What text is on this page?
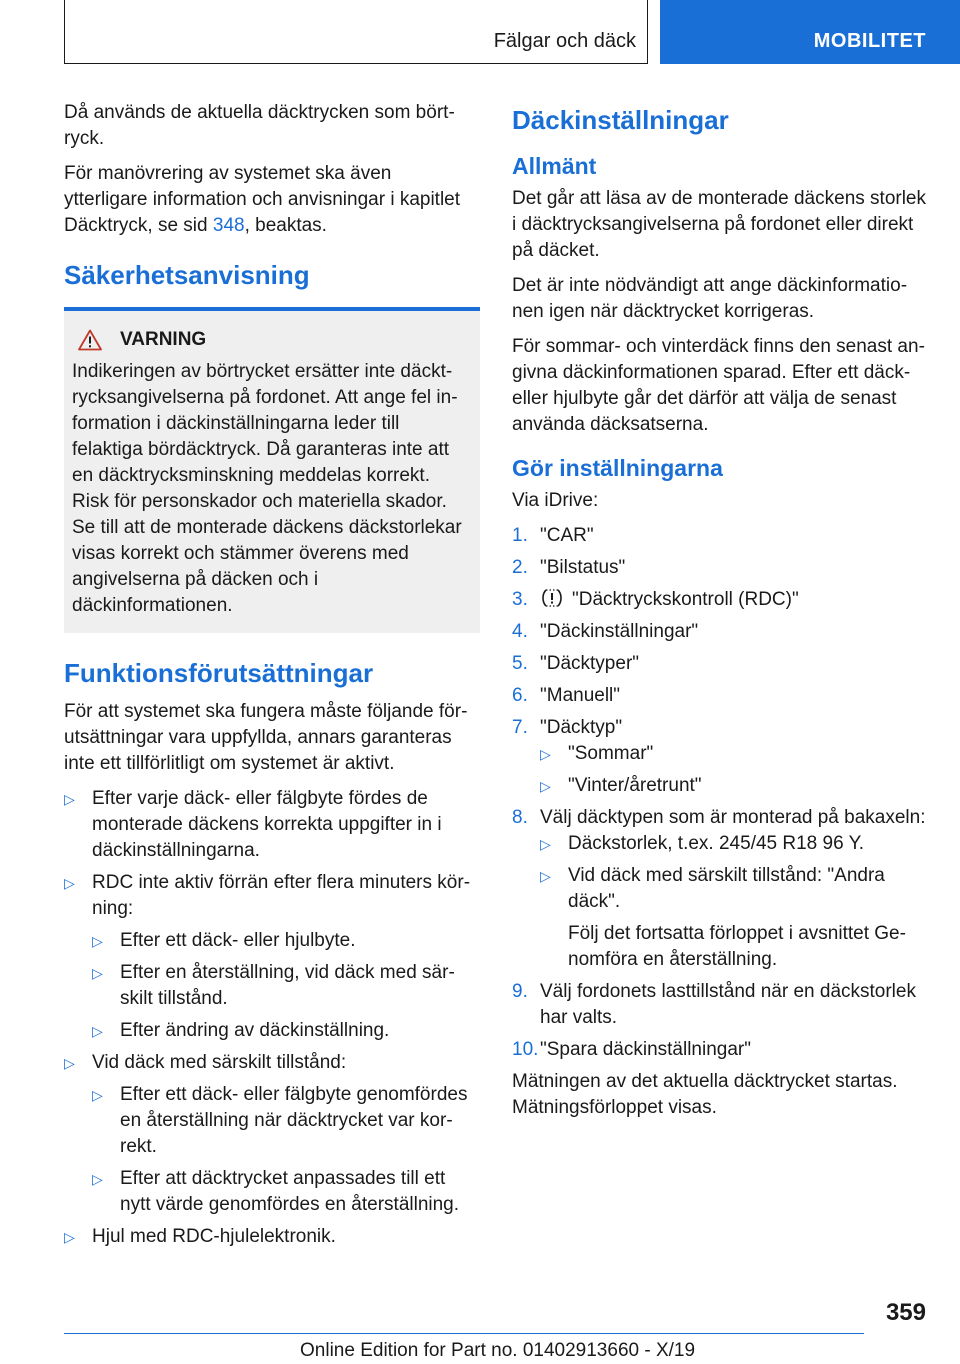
Fälgar och däck	MOBILITET

Då används de aktuella däcktrycken som börtryck.

För manövrering av systemet ska även ytterligare information och anvisningar i kapitlet Däcktryck, se sid 348, beaktas.

Säkerhetsanvisning
VARNING
Indikeringen av börtrycket ersätter inte däcktrycksangivelserna på fordonet. Att ange fel information i däckinställningarna leder till felaktiga bördäcktryck. Då garanteras inte att en däcktrycksminskning meddelas korrekt. Risk för personskador och materiella skador. Se till att de monterade däckens däckstorlekar visas korrekt och stämmer överens med angivelserna på däcken och i däckinformationen.
Funktionsförutsättningar

För att systemet ska fungera måste följande förutsättningar vara uppfyllda, annars garanteras inte ett tillförlitligt om systemet är aktivt.

▷ Efter varje däck- eller fälgbyte fördes de monterade däckens korrekta uppgifter in i däckinställningarna.
▷ RDC inte aktiv förrän efter flera minuters körning:
▷ Efter ett däck- eller hjulbyte.
▷ Efter en återställning, vid däck med särskilt tillstånd.
▷ Efter ändring av däckinställning.
▷ Vid däck med särskilt tillstånd:
▷ Efter ett däck- eller fälgbyte genomfördes en återställning när däcktrycket var korrekt.
▷ Efter att däcktrycket anpassades till ett nytt värde genomfördes en återställning.
▷ Hjul med RDC-hjulelektronik.
Däckinställningar
Allmänt

Det går att läsa av de monterade däckens storlek i däcktrycksangivelserna på fordonet eller direkt på däcket.

Det är inte nödvändigt att ange däckinformationen igen när däcktrycket korrigeras.

För sommar- och vinterdäck finns den senast angivna däckinformationen sparad. Efter ett däck- eller hjulbyte går det därför att välja de senast använda däcksatserna.

Gör inställningarna

Via iDrive:

1. "CAR"
2. "Bilstatus"
3. "Däcktryckskontroll (RDC)"
4. "Däckinställningar"
5. "Däcktyper"
6. "Manuell"
7. "Däcktyp"
▷ "Sommar"
▷ "Vinter/åretrunt"
8. Välj däcktypen som är monterad på bakaxeln:
▷ Däckstorlek, t.ex. 245/45 R18 96 Y.
▷ Vid däck med särskilt tillstånd: "Andra däck".
Följ det fortsatta förloppet i avsnittet Genomföra en återställning.
9. Välj fordonets lasttillstånd när en däckstorlek har valts.
10. "Spara däckinställningar"

Mätningen av det aktuella däcktrycket startas. Mätningsförloppet visas.

359
Online Edition for Part no. 01402913660 - X/19
